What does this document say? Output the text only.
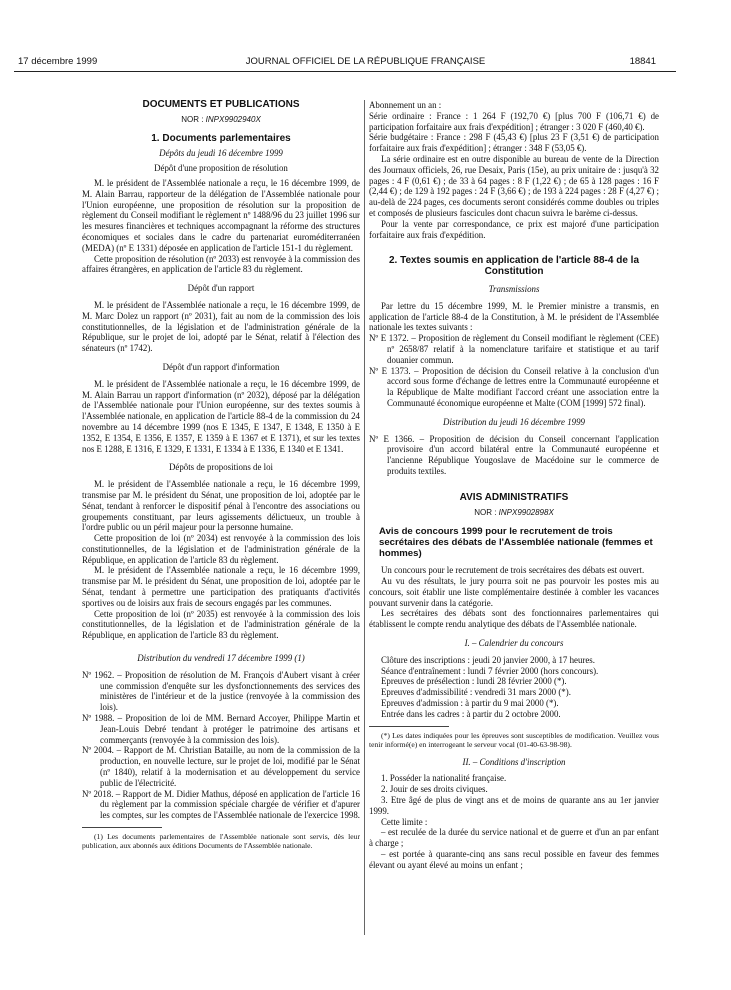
17 décembre 1999	JOURNAL OFFICIEL DE LA RÉPUBLIQUE FRANÇAISE	18841

DOCUMENTS ET PUBLICATIONS

NOR : INPX9902940X

1. Documents parlementaires

Dépôts du jeudi 16 décembre 1999

Dépôt d'une proposition de résolution

M. le président de l'Assemblée nationale a reçu, le 16 décembre 1999, de M. Alain Barrau, rapporteur de la délégation de l'Assemblée nationale pour l'Union européenne, une proposition de résolution sur la proposition de règlement du Conseil modifiant le règlement nº 1488/96 du 23 juillet 1996 sur les mesures financières et techniques accompagnant la réforme des structures économiques et sociales dans le cadre du partenariat euroméditerranéen (MEDA) (nº E 1331) déposée en application de l'article 151-1 du règlement.

Cette proposition de résolution (nº 2033) est renvoyée à la commission des affaires étrangères, en application de l'article 83 du règlement.

Dépôt d'un rapport

M. le président de l'Assemblée nationale a reçu, le 16 décembre 1999, de M. Marc Dolez un rapport (nº 2031), fait au nom de la commission des lois constitutionnelles, de la législation et de l'administration générale de la République, sur le projet de loi, adopté par le Sénat, relatif à l'élection des sénateurs (nº 1742).

Dépôt d'un rapport d'information

M. le président de l'Assemblée nationale a reçu, le 16 décembre 1999, de M. Alain Barrau un rapport d'information (nº 2032), déposé par la délégation de l'Assemblée nationale pour l'Union européenne, sur des textes soumis à l'Assemblée nationale, en application de l'article 88-4 de la commission du 24 novembre au 14 décembre 1999 (nos E 1345, E 1347, E 1348, E 1350 à E 1352, E 1354, E 1356, E 1357, E 1359 à E 1367 et E 1371), et sur les textes nos E 1288, E 1316, E 1329, E 1331, E 1334 à E 1336, E 1340 et E 1341.

Dépôts de propositions de loi

M. le président de l'Assemblée nationale a reçu, le 16 décembre 1999, transmise par M. le président du Sénat, une proposition de loi, adoptée par le Sénat, tendant à renforcer le dispositif pénal à l'encontre des associations ou groupements constituant, par leurs agissements délictueux, un trouble à l'ordre public ou un péril majeur pour la personne humaine.

Cette proposition de loi (nº 2034) est renvoyée à la commission des lois constitutionnelles, de la législation et de l'administration générale de la République, en application de l'article 83 du règlement.

M. le président de l'Assemblée nationale a reçu, le 16 décembre 1999, transmise par M. le président du Sénat, une proposition de loi, adoptée par le Sénat, tendant à permettre une participation des pratiquants d'activités sportives ou de loisirs aux frais de secours engagés par les communes.

Cette proposition de loi (nº 2035) est renvoyée à la commission des lois constitutionnelles, de la législation et de l'administration générale de la République, en application de l'article 83 du règlement.

Distribution du vendredi 17 décembre 1999 (1)

Nº 1962. – Proposition de résolution de M. François d'Aubert visant à créer une commission d'enquête sur les dysfonctionnements des services des ministères de l'intérieur et de la justice (renvoyée à la commission des lois).

Nº 1988. – Proposition de loi de MM. Bernard Accoyer, Philippe Martin et Jean-Louis Debré tendant à protéger le patrimoine des artisans et commerçants (renvoyée à la commission des lois).

Nº 2004. – Rapport de M. Christian Bataille, au nom de la commission de la production, en nouvelle lecture, sur le projet de loi, modifié par le Sénat (nº 1840), relatif à la modernisation et au développement du service public de l'électricité.

Nº 2018. – Rapport de M. Didier Mathus, déposé en application de l'article 16 du règlement par la commission spéciale chargée de vérifier et d'apurer les comptes, sur les comptes de l'Assemblée nationale de l'exercice 1998.

(1) Les documents parlementaires de l'Assemblée nationale sont servis, dès leur publication, aux abonnés aux éditions Documents de l'Assemblée nationale.

Abonnement un an :

Série ordinaire : France : 1 264 F (192,70 €) [plus 700 F (106,71 €) de participation forfaitaire aux frais d'expédition] ; étranger : 3 020 F (460,40 €).

Série budgétaire : France : 298 F (45,43 €) [plus 23 F (3,51 €) de participation forfaitaire aux frais d'expédition] ; étranger : 348 F (53,05 €).

La série ordinaire est en outre disponible au bureau de vente de la Direction des Journaux officiels, 26, rue Desaix, Paris (15e), au prix unitaire de : jusqu'à 32 pages : 4 F (0,61 €) ; de 33 à 64 pages : 8 F (1,22 €) ; de 65 à 128 pages : 16 F (2,44 €) ; de 129 à 192 pages : 24 F (3,66 €) ; de 193 à 224 pages : 28 F (4,27 €) ; au-delà de 224 pages, ces documents seront considérés comme doubles ou triples et composés de plusieurs fascicules dont chacun suivra le barème ci-dessus.

Pour la vente par correspondance, ce prix est majoré d'une participation forfaitaire aux frais d'expédition.

2. Textes soumis en application de l'article 88-4 de la Constitution

Transmissions

Par lettre du 15 décembre 1999, M. le Premier ministre a transmis, en application de l'article 88-4 de la Constitution, à M. le président de l'Assemblée nationale les textes suivants :

Nº E 1372. – Proposition de règlement du Conseil modifiant le règlement (CEE) nº 2658/87 relatif à la nomenclature tarifaire et statistique et au tarif douanier commun.

Nº E 1373. – Proposition de décision du Conseil relative à la conclusion d'un accord sous forme d'échange de lettres entre la Communauté européenne et la République de Malte modifiant l'accord créant une association entre la Communauté économique européenne et Malte (COM [1999] 572 final).

Distribution du jeudi 16 décembre 1999

Nº E 1366. – Proposition de décision du Conseil concernant l'application provisoire d'un accord bilatéral entre la Communauté européenne et l'ancienne République Yougoslave de Macédoine sur le commerce de produits textiles.

AVIS ADMINISTRATIFS

NOR : INPX9902898X

Avis de concours 1999 pour le recrutement de trois secrétaires des débats de l'Assemblée nationale (femmes et hommes)

Un concours pour le recrutement de trois secrétaires des débats est ouvert.

Au vu des résultats, le jury pourra soit ne pas pourvoir les postes mis au concours, soit établir une liste complémentaire destinée à combler les vacances pouvant survenir dans la catégorie.

Les secrétaires des débats sont des fonctionnaires parlementaires qui établissent le compte rendu analytique des débats de l'Assemblée nationale.

I. – Calendrier du concours

Clôture des inscriptions : jeudi 20 janvier 2000, à 17 heures.

Séance d'entraînement : lundi 7 février 2000 (hors concours).

Epreuves de présélection : lundi 28 février 2000 (*).

Epreuves d'admissibilité : vendredi 31 mars 2000 (*).

Epreuves d'admission : à partir du 9 mai 2000 (*).

Entrée dans les cadres : à partir du 2 octobre 2000.

(*) Les dates indiquées pour les épreuves sont susceptibles de modification. Veuillez vous tenir informé(e) en interrogeant le serveur vocal (01-40-63-98-98).

II. – Conditions d'inscription

1. Posséder la nationalité française.

2. Jouir de ses droits civiques.

3. Etre âgé de plus de vingt ans et de moins de quarante ans au 1er janvier 1999.

Cette limite :

– est reculée de la durée du service national et de guerre et d'un an par enfant à charge ;

– est portée à quarante-cinq ans sans recul possible en faveur des femmes élevant ou ayant élevé au moins un enfant ;
